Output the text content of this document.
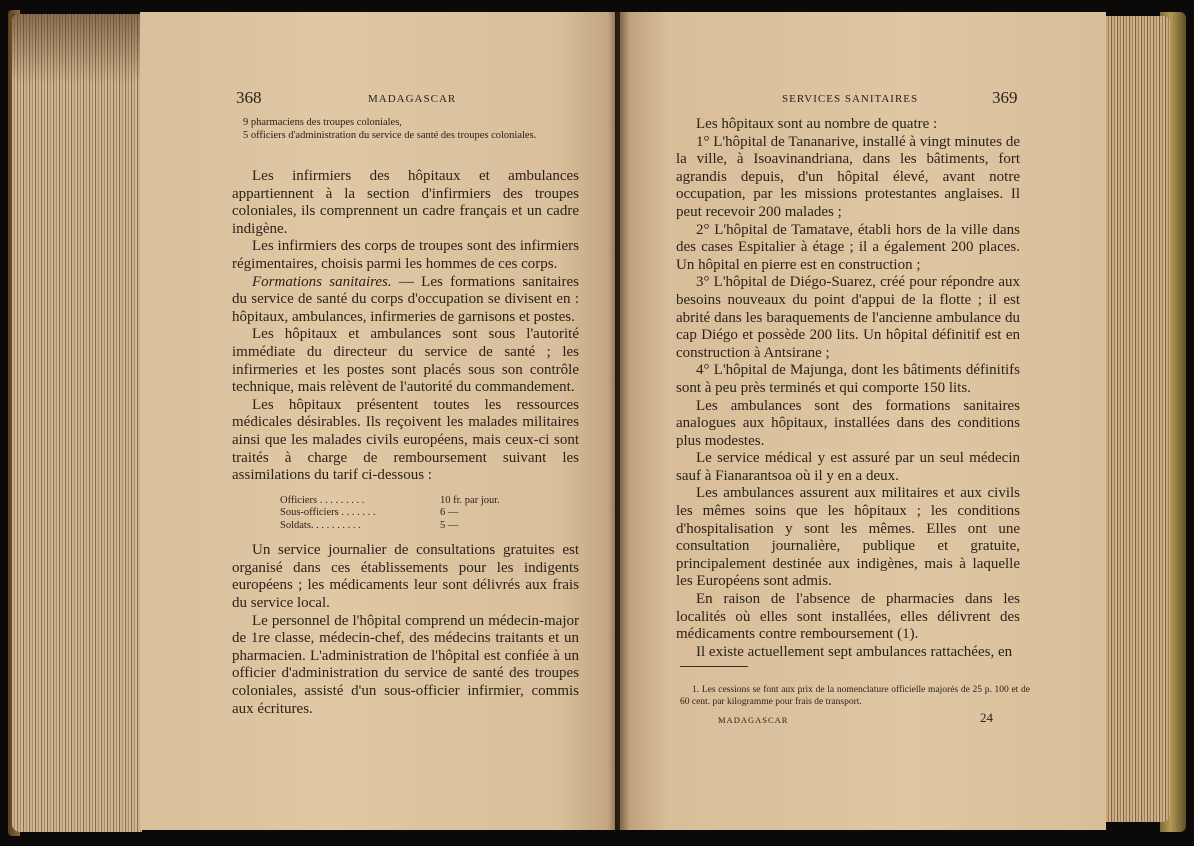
368	MADAGASCAR

9 pharmaciens des troupes coloniales,

5 officiers d'administration du service de santé des troupes coloniales.

Les infirmiers des hôpitaux et ambulances appartiennent à la section d'infirmiers des troupes coloniales, ils comprennent un cadre français et un cadre indigène.

Les infirmiers des corps de troupes sont des infirmiers régimentaires, choisis parmi les hommes de ces corps.

Formations sanitaires. — Les formations sanitaires du service de santé du corps d'occupation se divisent en : hôpitaux, ambulances, infirmeries de garnisons et postes.

Les hôpitaux et ambulances sont sous l'autorité immédiate du directeur du service de santé ; les infirmeries et les postes sont placés sous son contrôle technique, mais relèvent de l'autorité du commandement.

Les hôpitaux présentent toutes les ressources médicales désirables. Ils reçoivent les malades militaires ainsi que les malades civils européens, mais ceux-ci sont traités à charge de remboursement suivant les assimilations du tarif ci-dessous :

Officiers . . . . . . . . .	10 fr. par jour.
Sous-officiers . . . . . . .	6 —
Soldats. . . . . . . . . .	5 —

Un service journalier de consultations gratuites est organisé dans ces établissements pour les indigents européens ; les médicaments leur sont délivrés aux frais du service local.

Le personnel de l'hôpital comprend un médecin-major de 1re classe, médecin-chef, des médecins traitants et un pharmacien. L'administration de l'hôpital est confiée à un officier d'administration du service de santé des troupes coloniales, assisté d'un sous-officier infirmier, commis aux écritures.

SERVICES SANITAIRES	369

Les hôpitaux sont au nombre de quatre :

1° L'hôpital de Tananarive, installé à vingt minutes de la ville, à Isoavinandriana, dans les bâtiments, fort agrandis depuis, d'un hôpital élevé, avant notre occupation, par les missions protestantes anglaises. Il peut recevoir 200 malades ;

2° L'hôpital de Tamatave, établi hors de la ville dans des cases Espitalier à étage ; il a également 200 places. Un hôpital en pierre est en construction ;

3° L'hôpital de Diégo-Suarez, créé pour répondre aux besoins nouveaux du point d'appui de la flotte ; il est abrité dans les baraquements de l'ancienne ambulance du cap Diégo et possède 200 lits. Un hôpital définitif est en construction à Antsirane ;

4° L'hôpital de Majunga, dont les bâtiments définitifs sont à peu près terminés et qui comporte 150 lits.

Les ambulances sont des formations sanitaires analogues aux hôpitaux, installées dans des conditions plus modestes.

Le service médical y est assuré par un seul médecin sauf à Fianarantsoa où il y en a deux.

Les ambulances assurent aux militaires et aux civils les mêmes soins que les hôpitaux ; les conditions d'hospitalisation y sont les mêmes. Elles ont une consultation journalière, publique et gratuite, principalement destinée aux indigènes, mais à laquelle les Européens sont admis.

En raison de l'absence de pharmacies dans les localités où elles sont installées, elles délivrent des médicaments contre remboursement (1).

Il existe actuellement sept ambulances rattachées, en

1. Les cessions se font aux prix de la nomenclature officielle majorés de 25 p. 100 et de 60 cent. par kilogramme pour frais de transport.
MADAGASCAR	24
